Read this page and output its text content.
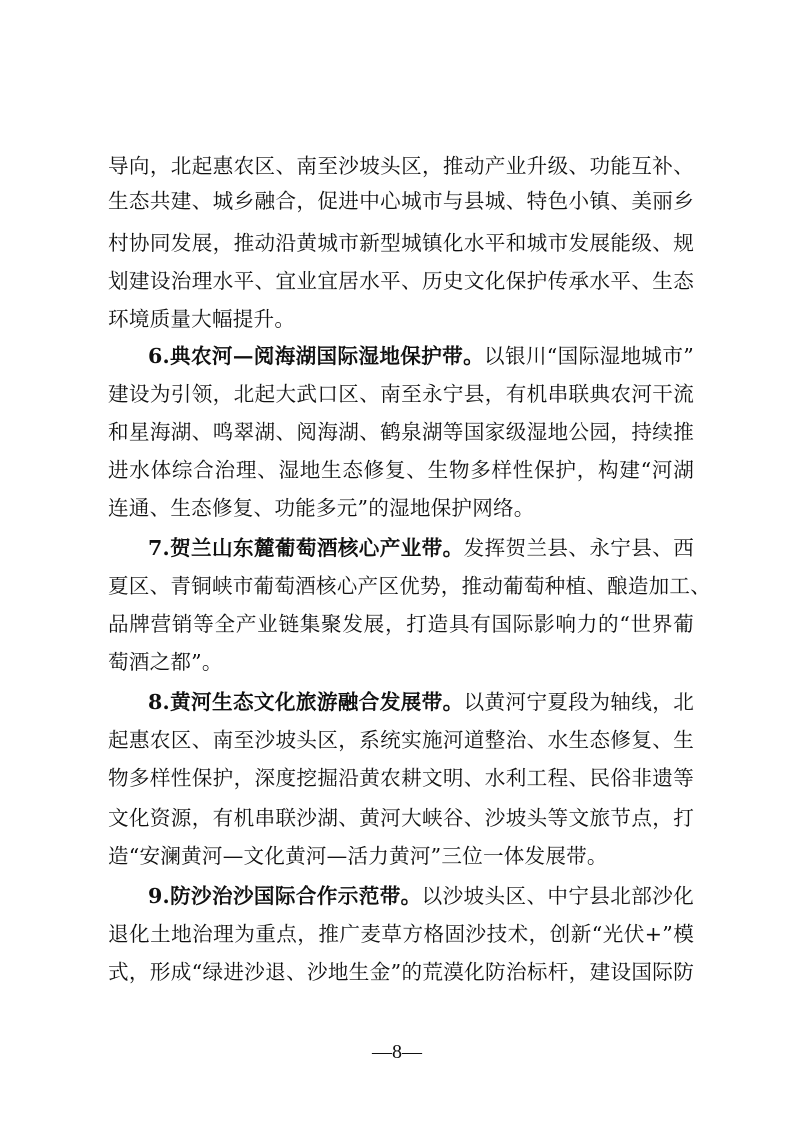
导向，北起惠农区、南至沙坡头区，推动产业升级、功能互补、
生态共建、城乡融合，促进中心城市与县城、特色小镇、美丽乡
村协同发展，推动沿黄城市新型城镇化水平和城市发展能级、规
划建设治理水平、宜业宜居水平、历史文化保护传承水平、生态
环境质量大幅提升。
6.典农河—阅海湖国际湿地保护带。以银川“国际湿地城市”
建设为引领，北起大武口区、南至永宁县，有机串联典农河干流
和星海湖、鸣翠湖、阅海湖、鹤泉湖等国家级湿地公园，持续推
进水体综合治理、湿地生态修复、生物多样性保护，构建“河湖
连通、生态修复、功能多元”的湿地保护网络。
7.贺兰山东麓葡萄酒核心产业带。发挥贺兰县、永宁县、西
夏区、青铜峡市葡萄酒核心产区优势，推动葡萄种植、酿造加工、
品牌营销等全产业链集聚发展，打造具有国际影响力的“世界葡
萄酒之都”。
8.黄河生态文化旅游融合发展带。以黄河宁夏段为轴线，北
起惠农区、南至沙坡头区，系统实施河道整治、水生态修复、生
物多样性保护，深度挖掘沿黄农耕文明、水利工程、民俗非遗等
文化资源，有机串联沙湖、黄河大峡谷、沙坡头等文旅节点，打
造“安澜黄河—文化黄河—活力黄河”三位一体发展带。
9.防沙治沙国际合作示范带。以沙坡头区、中宁县北部沙化
退化土地治理为重点，推广麦草方格固沙技术，创新“光伏+”模
式，形成“绿进沙退、沙地生金”的荒漠化防治标杆，建设国际防
—8—
